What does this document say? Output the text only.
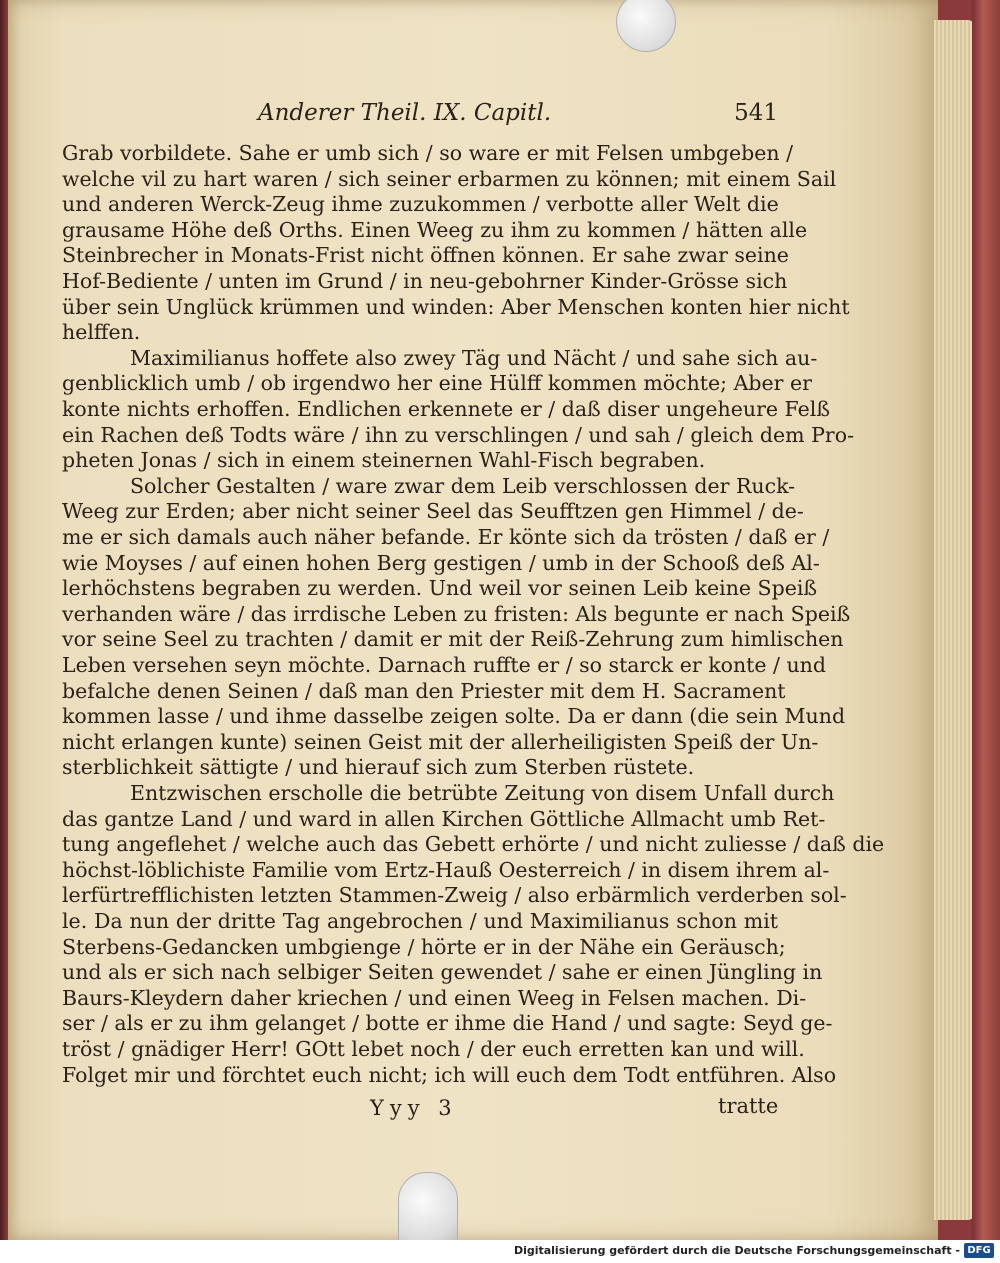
Anderer Theil. IX. Capitl.	541
Grab vorbildete. Sahe er umb sich / so ware er mit Felsen umbgeben /
welche vil zu hart waren / sich seiner erbarmen zu können; mit einem Sail
und anderen Werck-Zeug ihme zuzukommen / verbotte aller Welt die
grausame Höhe deß Orths. Einen Weeg zu ihm zu kommen / hätten alle
Steinbrecher in Monats-Frist nicht öffnen können. Er sahe zwar seine
Hof-Bediente / unten im Grund / in neu-gebohrner Kinder-Grösse sich
über sein Unglück krümmen und winden: Aber Menschen konten hier nicht
helffen.
Maximilianus hoffete also zwey Täg und Nächt / und sahe sich au-
genblicklich umb / ob irgendwo her eine Hülff kommen möchte; Aber er
konte nichts erhoffen. Endlichen erkennete er / daß diser ungeheure Felß
ein Rachen deß Todts wäre / ihn zu verschlingen / und sah / gleich dem Pro-
pheten Jonas / sich in einem steinernen Wahl-Fisch begraben.
Solcher Gestalten / ware zwar dem Leib verschlossen der Ruck-
Weeg zur Erden; aber nicht seiner Seel das Seufftzen gen Himmel / de-
me er sich damals auch näher befande. Er könte sich da trösten / daß er /
wie Moyses / auf einen hohen Berg gestigen / umb in der Schooß deß Al-
lerhöchstens begraben zu werden. Und weil vor seinen Leib keine Speiß
verhanden wäre / das irrdische Leben zu fristen: Als begunte er nach Speiß
vor seine Seel zu trachten / damit er mit der Reiß-Zehrung zum himlischen
Leben versehen seyn möchte. Darnach ruffte er / so starck er konte / und
befalche denen Seinen / daß man den Priester mit dem H. Sacrament
kommen lasse / und ihme dasselbe zeigen solte. Da er dann (die sein Mund
nicht erlangen kunte) seinen Geist mit der allerheiligisten Speiß der Un-
sterblichkeit sättigte / und hierauf sich zum Sterben rüstete.
Entzwischen erscholle die betrübte Zeitung von disem Unfall durch
das gantze Land / und ward in allen Kirchen Göttliche Allmacht umb Ret-
tung angeflehet / welche auch das Gebett erhörte / und nicht zuliesse / daß die
höchst-löblichiste Familie vom Ertz-Hauß Oesterreich / in disem ihrem al-
lerfürtrefflichisten letzten Stammen-Zweig / also erbärmlich verderben sol-
le. Da nun der dritte Tag angebrochen / und Maximilianus schon mit
Sterbens-Gedancken umbgienge / hörte er in der Nähe ein Geräusch;
und als er sich nach selbiger Seiten gewendet / sahe er einen Jüngling in
Baurs-Kleydern daher kriechen / und einen Weeg in Felsen machen. Di-
ser / als er zu ihm gelanget / botte er ihme die Hand / und sagte: Seyd ge-
tröst / gnädiger Herr! GOtt lebet noch / der euch erretten kan und will.
Folget mir und förchtet euch nicht; ich will euch dem Todt entführen. Also
Yyy 3	tratte
Digitalisierung gefördert durch die Deutsche Forschungsgemeinschaft - DFG
